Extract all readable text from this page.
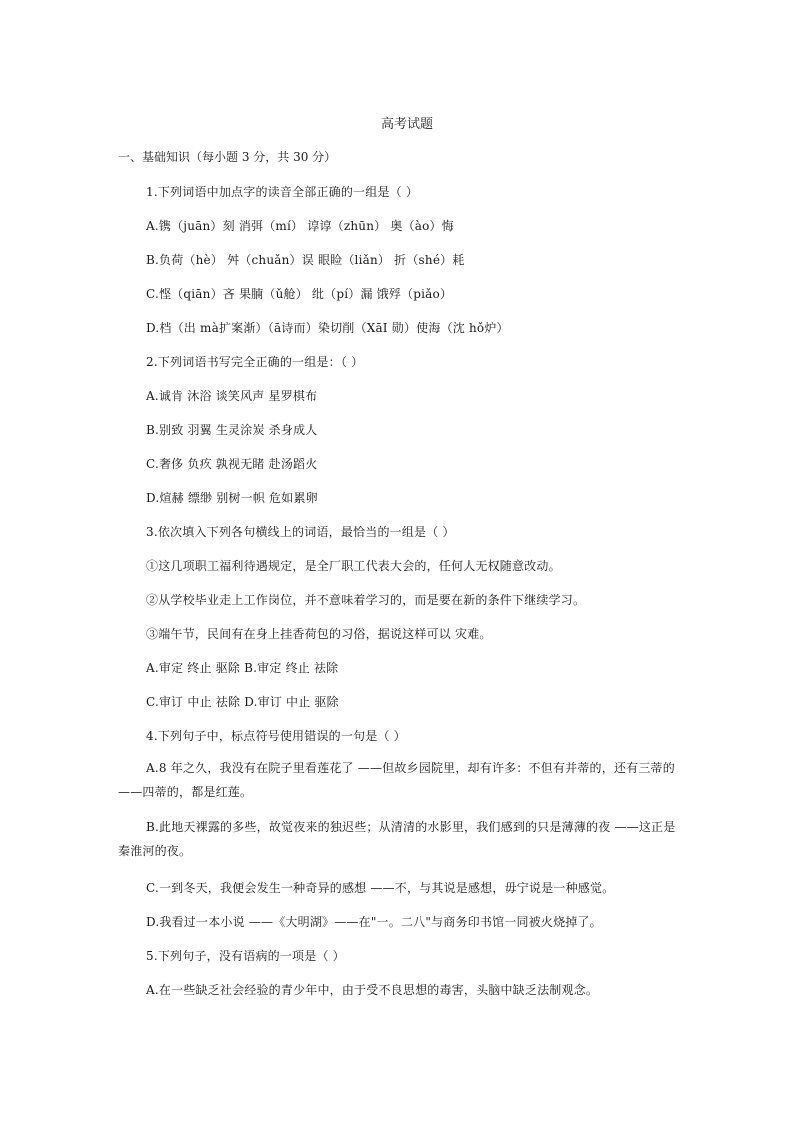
高考试题
一、基础知识（每小题 3 分，共 30 分）
1.下列词语中加点字的读音全部正确的一组是（ ）
A.镌（juān）刻 消弭（mí） 谆谆（zhūn） 奥（ào）悔
B.负荷（hè） 舛（chuǎn）误 眼睑（liǎn） 折（shé）耗
C.悭（qiān）吝 果腩（ǔ舱） 纰（pí）漏 饿殍（piǎo）
D.档（出 mà扩案渐）（ā诗而）染切削（XāI 勋）使海（沈 hǒ炉）
2.下列词语书写完全正确的一组是：（ ）
A.诚肯 沐浴 谈笑风声 星罗棋布
B.别致 羽翼 生灵涂炭 杀身成人
C.奢侈 负疚 孰视无睹 赴汤蹈火
D.煊赫 缥缈 别树一帜 危如累卵
3.依次填入下列各句横线上的词语，最恰当的一组是（ ）
①这几项职工福利待遇规定，是全厂职工代表大会的，任何人无权随意改动。
②从学校毕业走上工作岗位，并不意味着学习的，而是要在新的条件下继续学习。
③端午节，民间有在身上挂香荷包的习俗，据说这样可以 灾难。
A.审定 终止 驱除 B.审定 终止 祛除
C.审订 中止 祛除 D.审订 中止 驱除
4.下列句子中，标点符号使用错误的一句是（ ）
A.8 年之久，我没有在院子里看莲花了 ——但故乡园院里，却有许多：不但有并蒂的，还有三蒂的——四蒂的，都是红莲。
B.此地天裸露的多些，故觉夜来的独迟些；从清清的水影里，我们感到的只是薄薄的夜 ——这正是秦淮河的夜。
C.一到冬天，我便会发生一种奇异的感想 ——不，与其说是感想，毋宁说是一种感觉。
D.我看过一本小说 ——《大明湖》——在"一。二八"与商务印书馆一同被火烧掉了。
5.下列句子，没有语病的一项是（ ）
A.在一些缺乏社会经验的青少年中，由于受不良思想的毒害，头脑中缺乏法制观念。
